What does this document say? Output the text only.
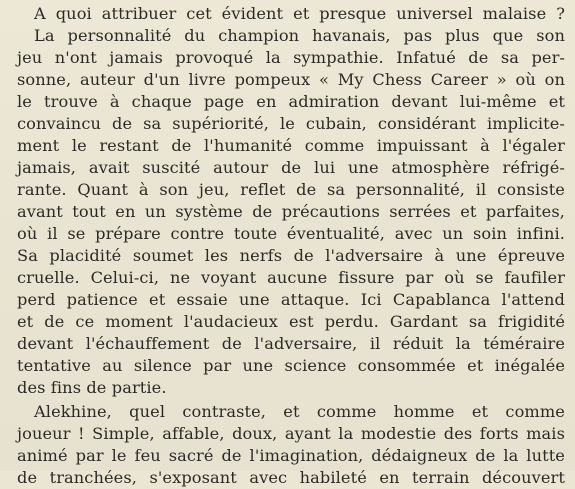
A quoi attribuer cet évident et presque universel malaise ?
La personnalité du champion havanais, pas plus que son
jeu n'ont jamais provoqué la sympathie. Infatué de sa per-
sonne, auteur d'un livre pompeux « My Chess Career » où on
le trouve à chaque page en admiration devant lui-même et
convaincu de sa supériorité, le cubain, considérant implicite-
ment le restant de l'humanité comme impuissant à l'égaler
jamais, avait suscité autour de lui une atmosphère réfrigé-
rante. Quant à son jeu, reflet de sa personnalité, il consiste
avant tout en un système de précautions serrées et parfaites,
où il se prépare contre toute éventualité, avec un soin infini.
Sa placidité soumet les nerfs de l'adversaire à une épreuve
cruelle. Celui-ci, ne voyant aucune fissure par où se faufiler
perd patience et essaie une attaque. Ici Capablanca l'attend
et de ce moment l'audacieux est perdu. Gardant sa frigidité
devant l'échauffement de l'adversaire, il réduit la téméraire
tentative au silence par une science consommée et inégalée
des fins de partie.
Alekhine, quel contraste, et comme homme et comme
joueur ! Simple, affable, doux, ayant la modestie des forts mais
animé par le feu sacré de l'imagination, dédaigneux de la lutte
de tranchées, s'exposant avec habileté en terrain découvert
